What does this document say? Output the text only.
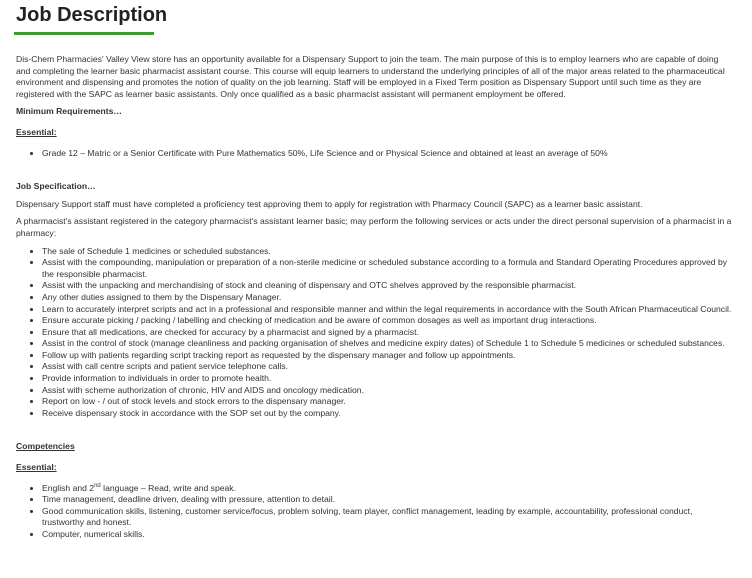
Job Description

Dis-Chem Pharmacies' Valley View store has an opportunity available for a Dispensary Support to join the team. The main purpose of this is to employ learners who are capable of doing and completing the learner basic pharmacist assistant course. This course will equip learners to understand the underlying principles of all of the major areas related to the pharmaceutical environment and dispensing and promotes the notion of quality on the job learning. Staff will be employed in a Fixed Term position as Dispensary Support until such time as they are registered with the SAPC as learner basic assistants. Only once qualified as a basic pharmacist assistant will permanent employment be offered.

Minimum Requirements…

Essential:

• Grade 12 – Matric or a Senior Certificate with Pure Mathematics 50%, Life Science and or Physical Science and obtained at least an average of 50%

Job Specification…

Dispensary Support staff must have completed a proficiency test approving them to apply for registration with Pharmacy Council (SAPC) as a learner basic assistant.

A pharmacist's assistant registered in the category pharmacist's assistant learner basic; may perform the following services or acts under the direct personal supervision of a pharmacist in a pharmacy:

• The sale of Schedule 1 medicines or scheduled substances.
• Assist with the compounding, manipulation or preparation of a non-sterile medicine or scheduled substance according to a formula and Standard Operating Procedures approved by the responsible pharmacist.
• Assist with the unpacking and merchandising of stock and cleaning of dispensary and OTC shelves approved by the responsible pharmacist.
• Any other duties assigned to them by the Dispensary Manager.
• Learn to accurately interpret scripts and act in a professional and responsible manner and within the legal requirements in accordance with the South African Pharmaceutical Council.
• Ensure accurate picking / packing / labelling and checking of medication and be aware of common dosages as well as important drug interactions.
• Ensure that all medications, are checked for accuracy by a pharmacist and signed by a pharmacist.
• Assist in the control of stock (manage cleanliness and packing organisation of shelves and medicine expiry dates) of Schedule 1 to Schedule 5 medicines or scheduled substances.
• Follow up with patients regarding script tracking report as requested by the dispensary manager and follow up appointments.
• Assist with call centre scripts and patient service telephone calls.
• Provide information to individuals in order to promote health.
• Assist with scheme authorization of chronic, HIV and AIDS and oncology medication.
• Report on low - / out of stock levels and stock errors to the dispensary manager.
• Receive dispensary stock in accordance with the SOP set out by the company.

Competencies

Essential:

• English and 2nd language – Read, write and speak.
• Time management, deadline driven, dealing with pressure, attention to detail.
• Good communication skills, listening, customer service/focus, problem solving, team player, conflict management, leading by example, accountability, professional conduct, trustworthy and honest.
• Computer, numerical skills.
